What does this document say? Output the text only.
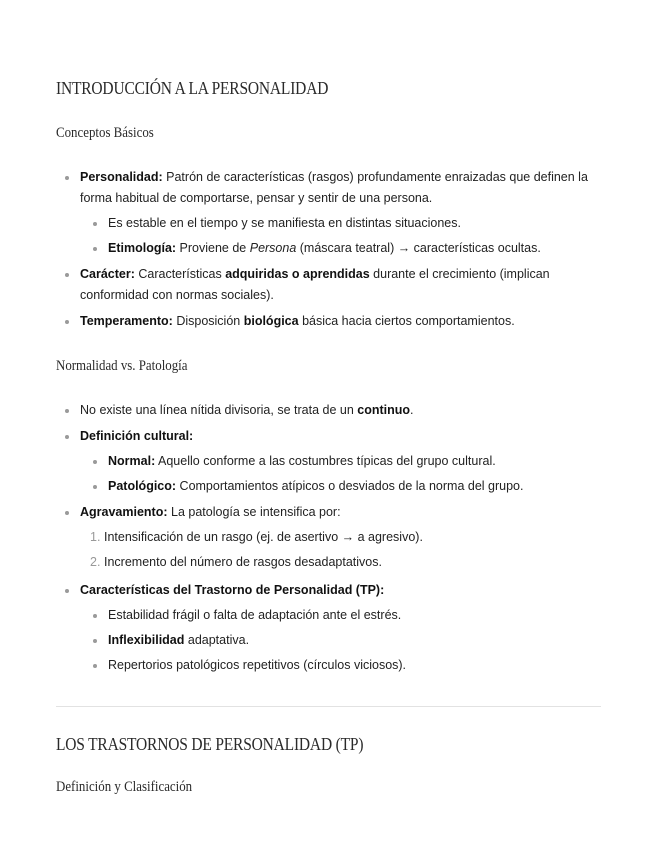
INTRODUCCIÓN A LA PERSONALIDAD
Conceptos Básicos
Personalidad: Patrón de características (rasgos) profundamente enraizadas que definen la forma habitual de comportarse, pensar y sentir de una persona.
Es estable en el tiempo y se manifiesta en distintas situaciones.
Etimología: Proviene de Persona (máscara teatral) → características ocultas.
Carácter: Características adquiridas o aprendidas durante el crecimiento (implican conformidad con normas sociales).
Temperamento: Disposición biológica básica hacia ciertos comportamientos.
Normalidad vs. Patología
No existe una línea nítida divisoria, se trata de un continuo.
Definición cultural:
Normal: Aquello conforme a las costumbres típicas del grupo cultural.
Patológico: Comportamientos atípicos o desviados de la norma del grupo.
Agravamiento: La patología se intensifica por:
1. Intensificación de un rasgo (ej. de asertivo → a agresivo).
2. Incremento del número de rasgos desadaptativos.
Características del Trastorno de Personalidad (TP):
Estabilidad frágil o falta de adaptación ante el estrés.
Inflexibilidad adaptativa.
Repertorios patológicos repetitivos (círculos viciosos).
LOS TRASTORNOS DE PERSONALIDAD (TP)
Definición y Clasificación
